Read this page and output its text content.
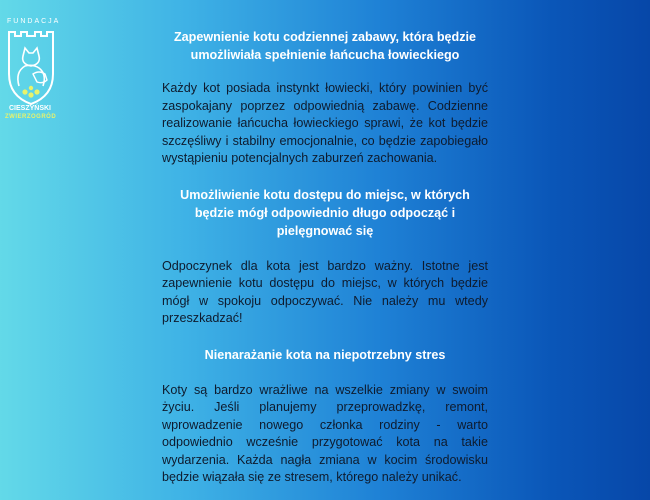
FUNDACJA
CIESZYŃSKI
ZWIERZOGRÓD

Zapewnienie kotu codziennej zabawy, która będzie umożliwiała spełnienie łańcucha łowieckiego

Każdy kot posiada instynkt łowiecki, który powinien być zaspokajany poprzez odpowiednią zabawę. Codzienne realizowanie łańcucha łowieckiego sprawi, że kot będzie szczęśliwy i stabilny emocjonalnie, co będzie zapobiegało wystąpieniu potencjalnych zaburzeń zachowania.

Umożliwienie kotu dostępu do miejsc, w których będzie mógł odpowiednio długo odpocząć i pielęgnować się

Odpoczynek dla kota jest bardzo ważny. Istotne jest zapewnienie kotu dostępu do miejsc, w których będzie mógł w spokoju odpoczywać. Nie należy mu wtedy przeszkadzać!

Nienarażanie kota na niepotrzebny stres

Koty są bardzo wrażliwe na wszelkie zmiany w swoim życiu. Jeśli planujemy przeprowadzkę, remont, wprowadzenie nowego członka rodziny - warto odpowiednio wcześnie przygotować kota na takie wydarzenia. Każda nagła zmiana w kocim środowisku będzie wiązała się ze stresem, którego należy unikać.
